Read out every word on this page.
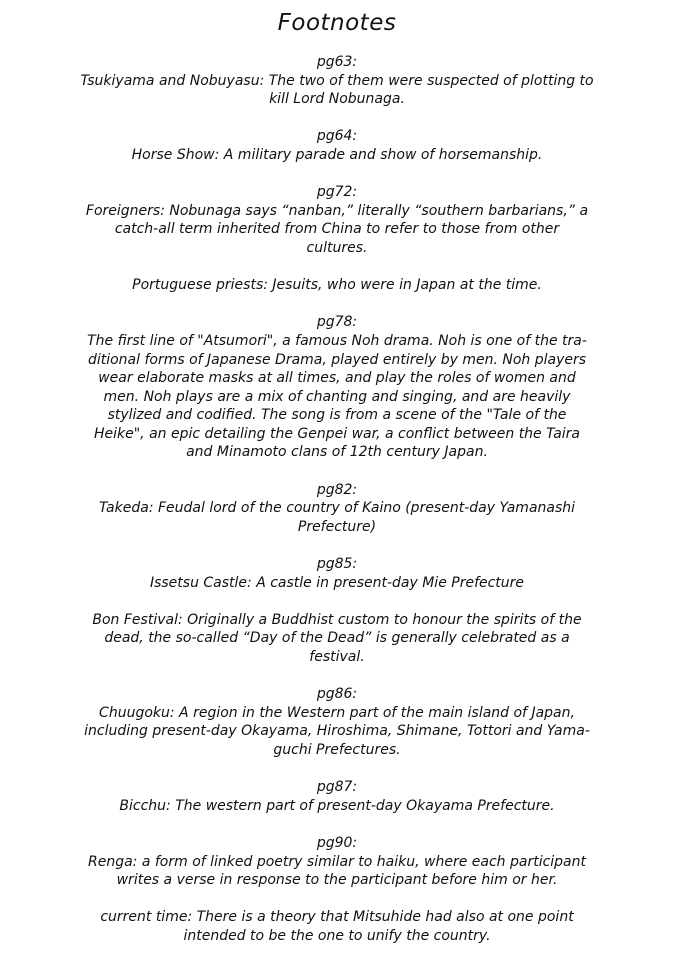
Footnotes
pg63:
Tsukiyama and Nobuyasu: The two of them were suspected of plotting to
kill Lord Nobunaga.
pg64:
Horse Show: A military parade and show of horsemanship.
pg72:
Foreigners: Nobunaga says “nanban,” literally “southern barbarians,” a
catch-all term inherited from China to refer to those from other
cultures.
Portuguese priests: Jesuits, who were in Japan at the time.
pg78:
The first line of "Atsumori", a famous Noh drama. Noh is one of the tra-
ditional forms of Japanese Drama, played entirely by men. Noh players
wear elaborate masks at all times, and play the roles of women and
men. Noh plays are a mix of chanting and singing, and are heavily
stylized and codified. The song is from a scene of the "Tale of the
Heike", an epic detailing the Genpei war, a conflict between the Taira
and Minamoto clans of 12th century Japan.
pg82:
Takeda: Feudal lord of the country of Kaino (present-day Yamanashi
Prefecture)
pg85:
Issetsu Castle: A castle in present-day Mie Prefecture
Bon Festival: Originally a Buddhist custom to honour the spirits of the
dead, the so-called “Day of the Dead” is generally celebrated as a
festival.
pg86:
Chuugoku: A region in the Western part of the main island of Japan,
including present-day Okayama, Hiroshima, Shimane, Tottori and Yama-
guchi Prefectures.
pg87:
Bicchu: The western part of present-day Okayama Prefecture.
pg90:
Renga: a form of linked poetry similar to haiku, where each participant
writes a verse in response to the participant before him or her.
current time: There is a theory that Mitsuhide had also at one point
intended to be the one to unify the country.
